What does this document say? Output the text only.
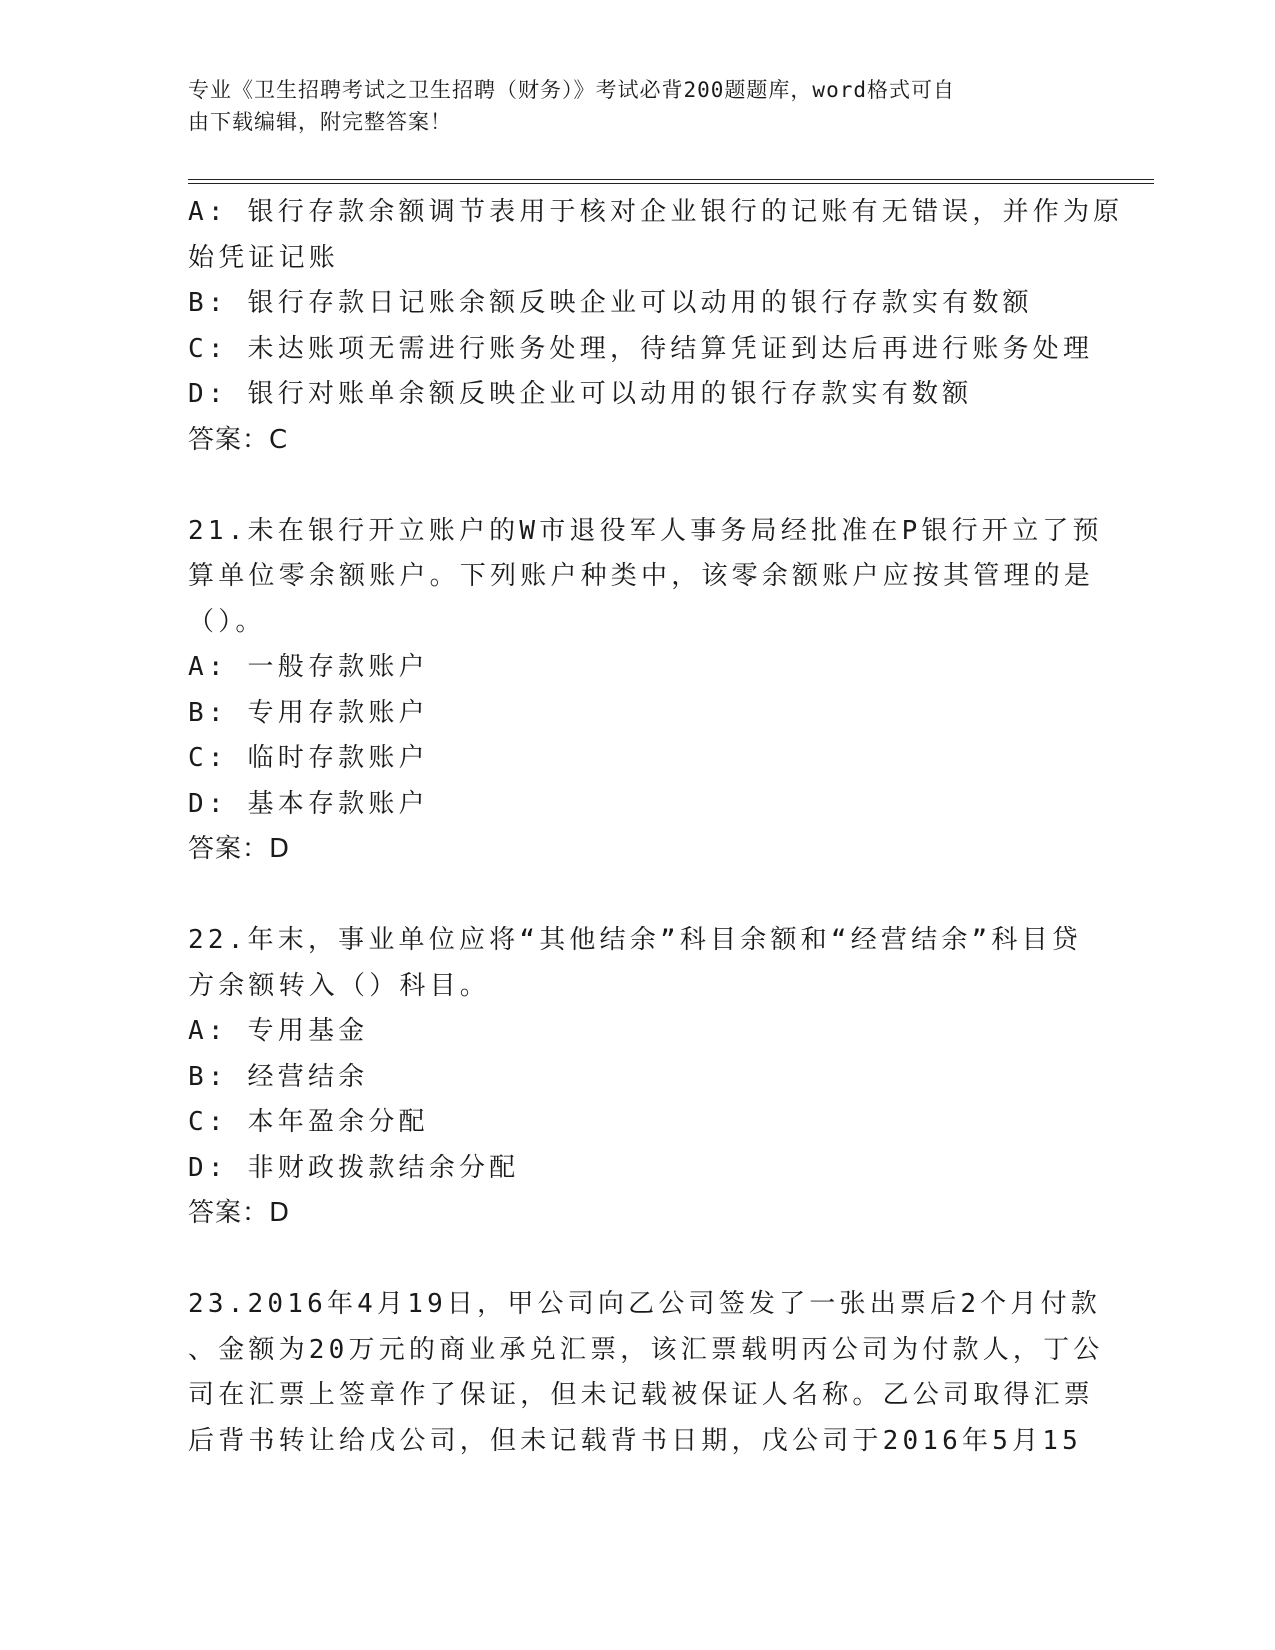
专业《卫生招聘考试之卫生招聘（财务）》考试必背200题题库，word格式可自
由下载编辑，附完整答案！
A: 银行存款余额调节表用于核对企业银行的记账有无错误，并作为原
始凭证记账
B: 银行存款日记账余额反映企业可以动用的银行存款实有数额
C: 未达账项无需进行账务处理，待结算凭证到达后再进行账务处理
D: 银行对账单余额反映企业可以动用的银行存款实有数额
答案：C
21.未在银行开立账户的W市退役军人事务局经批准在P银行开立了预
算单位零余额账户。下列账户种类中，该零余额账户应按其管理的是
（）。
A: 一般存款账户
B: 专用存款账户
C: 临时存款账户
D: 基本存款账户
答案：D
22.年末，事业单位应将“其他结余”科目余额和“经营结余”科目贷
方余额转入（）科目。
A: 专用基金
B: 经营结余
C: 本年盈余分配
D: 非财政拨款结余分配
答案：D
23.2016年4月19日，甲公司向乙公司签发了一张出票后2个月付款
、金额为20万元的商业承兑汇票，该汇票载明丙公司为付款人，丁公
司在汇票上签章作了保证，但未记载被保证人名称。乙公司取得汇票
后背书转让给戊公司，但未记载背书日期，戊公司于2016年5月15
